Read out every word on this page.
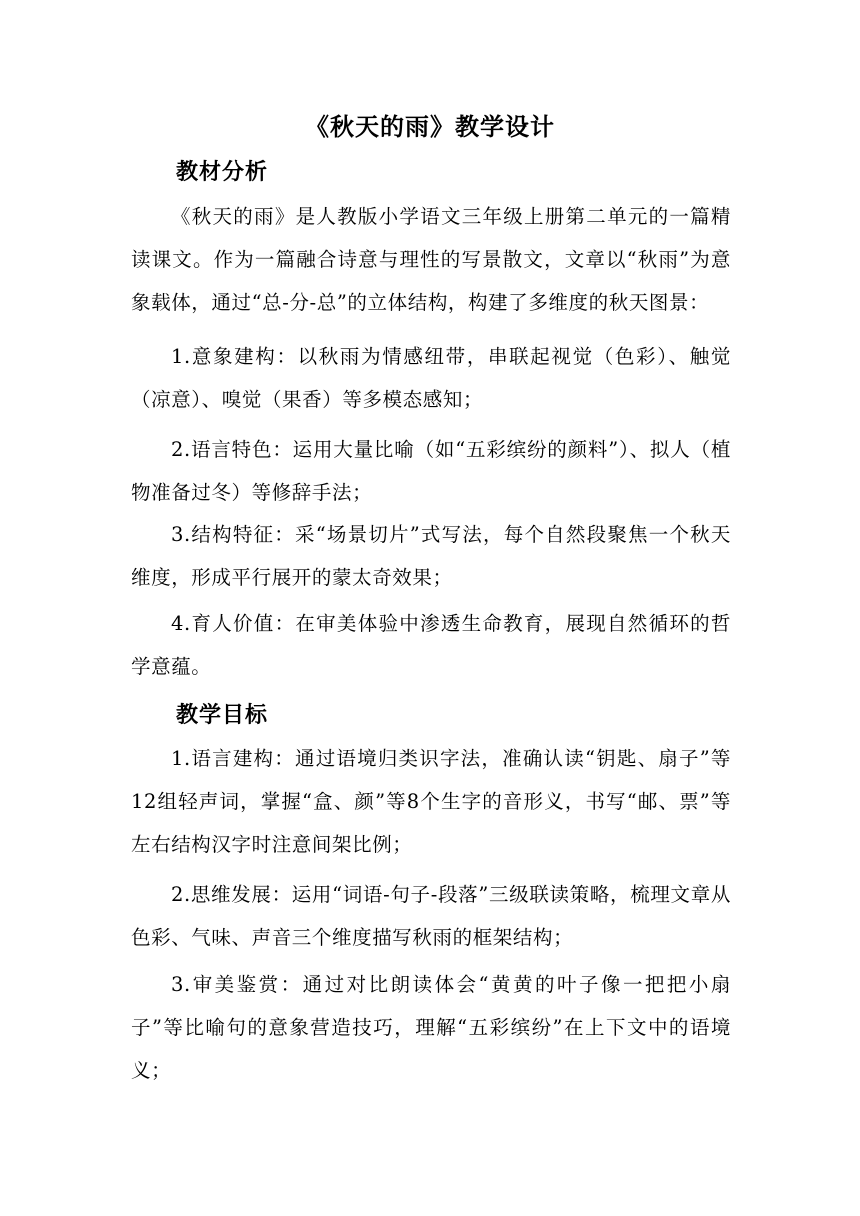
《秋天的雨》教学设计
教材分析

《秋天的雨》是人教版小学语文三年级上册第二单元的一篇精读课文。作为一篇融合诗意与理性的写景散文，文章以“秋雨”为意象载体，通过“总-分-总”的立体结构，构建了多维度的秋天图景：

1.意象建构：以秋雨为情感纽带，串联起视觉（色彩）、触觉（凉意）、嗅觉（果香）等多模态感知；

2.语言特色：运用大量比喻（如“五彩缤纷的颜料”）、拟人（植物准备过冬）等修辞手法；

3.结构特征：采“场景切片”式写法，每个自然段聚焦一个秋天维度，形成平行展开的蒙太奇效果；

4.育人价值：在审美体验中渗透生命教育，展现自然循环的哲学意蕴。

教学目标

1.语言建构：通过语境归类识字法，准确认读“钥匙、扇子”等12组轻声词，掌握“盒、颜”等8个生字的音形义，书写“邮、票”等左右结构汉字时注意间架比例；

2.思维发展：运用“词语-句子-段落”三级联读策略，梳理文章从色彩、气味、声音三个维度描写秋雨的框架结构；

3.审美鉴赏：通过对比朗读体会“黄黄的叶子像一把把小扇子”等比喻句的意象营造技巧，理解“五彩缤纷”在上下文中的语境义；
